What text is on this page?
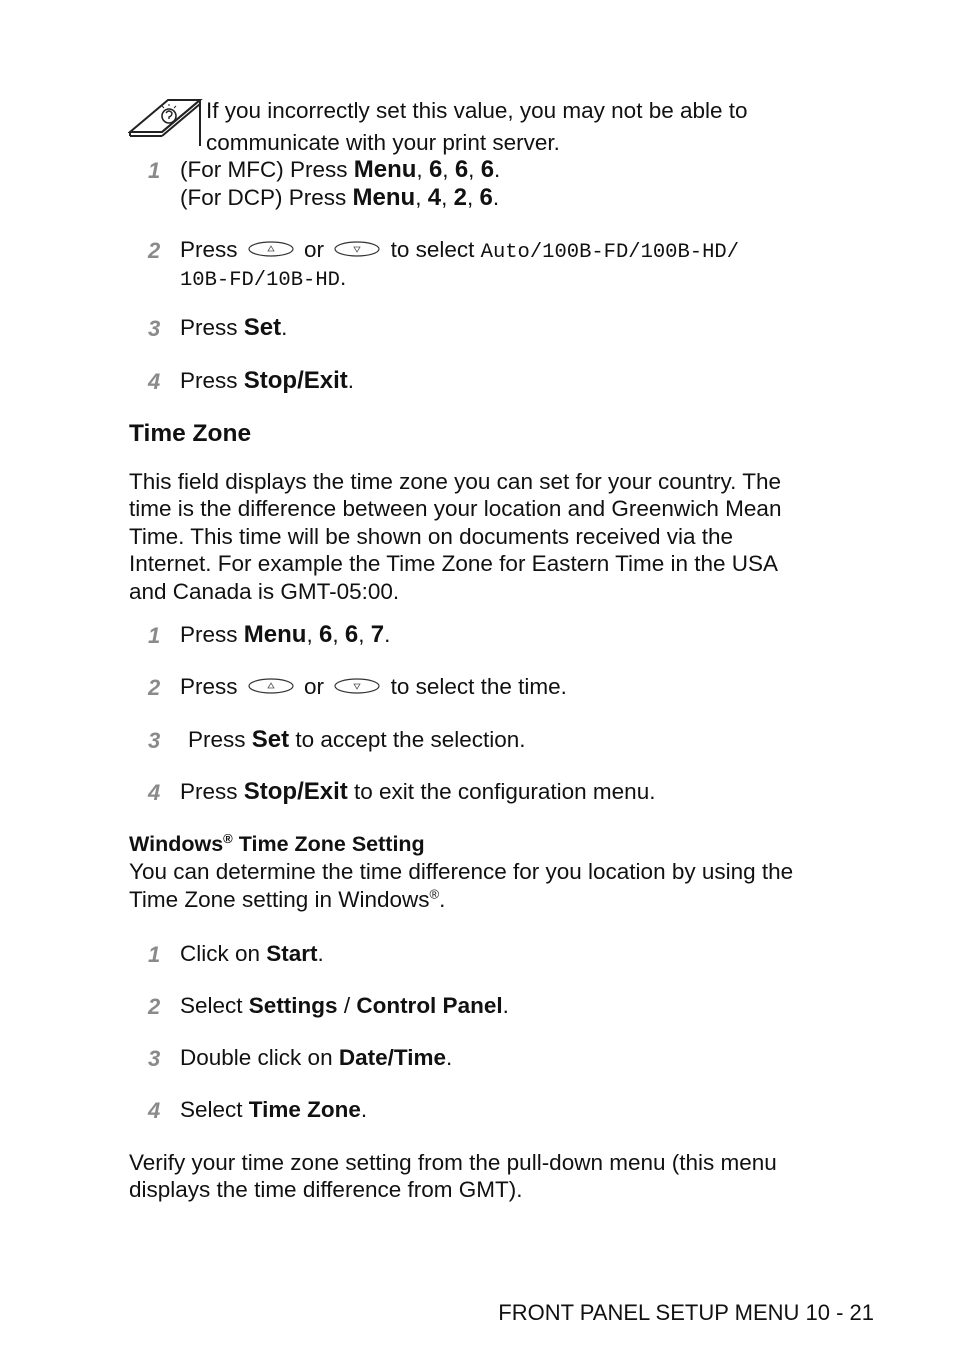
If you incorrectly set this value, you may not be able to
communicate with your print server.
1 (For MFC) Press Menu, 6, 6, 6.
(For DCP) Press Menu, 4, 2, 6.
2 Press	or	to select Auto/100B-FD/100B-HD/
10B-FD/10B-HD.
3 Press Set.
4 Press Stop/Exit.
Time Zone
This field displays the time zone you can set for your country. The
time is the difference between your location and Greenwich Mean
Time. This time will be shown on documents received via the
Internet. For example the Time Zone for Eastern Time in the USA
and Canada is GMT-05:00.
1 Press Menu, 6, 6, 7.
2 Press	or	to select the time.
3 Press Set to accept the selection.
4 Press Stop/Exit to exit the configuration menu.
Windows® Time Zone Setting
You can determine the time difference for you location by using the
Time Zone setting in Windows®.
1 Click on Start.
2 Select Settings / Control Panel.
3 Double click on Date/Time.
4 Select Time Zone.
Verify your time zone setting from the pull-down menu (this menu
displays the time difference from GMT).
FRONT PANEL SETUP MENU 10 - 21
